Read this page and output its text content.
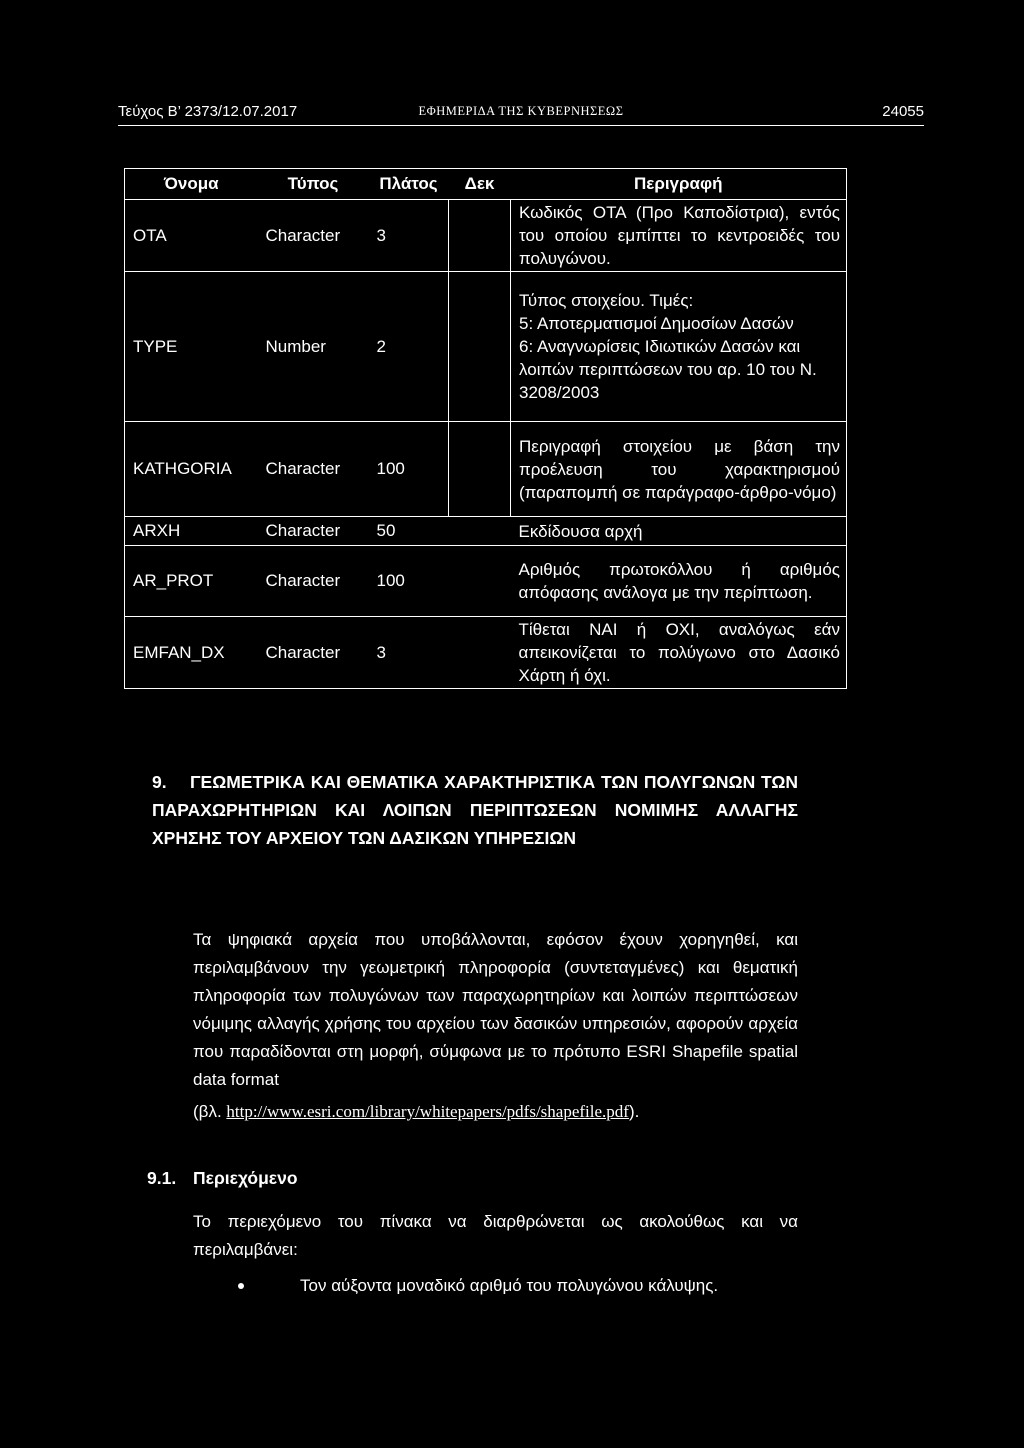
Τεύχος Β’ 2373/12.07.2017	ΕΦΗΜΕΡΙΔΑ ΤΗΣ ΚΥΒΕΡΝΗΣΕΩΣ	24055
Όνομα	Τύπος	Πλάτος	Δεκ	Περιγραφή
OTA	Character	3		Κωδικός ΟΤΑ (Προ Καποδίστρια), εντός του οποίου εμπίπτει το κεντροειδές του πολυγώνου.
TYPE	Number	2		Τύπος στοιχείου. Τιμές:
5: Αποτερματισμοί Δημοσίων Δασών
6: Αναγνωρίσεις Ιδιωτικών Δασών και λοιπών περιπτώσεων του αρ. 10 του Ν. 3208/2003

KATHGORIA	Character	100		Περιγραφή στοιχείου με βάση την προέλευση του χαρακτηρισμού (παραπομπή σε παράγραφο-άρθρο-νόμο)
ARXH	Character	50		Εκδίδουσα αρχή
AR_PROT	Character	100		Αριθμός πρωτοκόλλου ή αριθμός απόφασης ανάλογα με την περίπτωση.
EMFAN_DX	Character	3		Τίθεται ΝΑΙ ή ΟΧΙ, αναλόγως εάν απεικονίζεται το πολύγωνο στο Δασικό Χάρτη ή όχι.
9. ΓΕΩΜΕΤΡΙΚΑ ΚΑΙ ΘΕΜΑΤΙΚΑ ΧΑΡΑΚΤΗΡΙΣΤΙΚΑ ΤΩΝ ΠΟΛΥΓΩΝΩΝ ΤΩΝ ΠΑΡΑΧΩΡΗΤΗΡΙΩΝ ΚΑΙ ΛΟΙΠΩΝ ΠΕΡΙΠΤΩΣΕΩΝ ΝΟΜΙΜΗΣ ΑΛΛΑΓΗΣ ΧΡΗΣΗΣ ΤΟΥ ΑΡΧΕΙΟΥ ΤΩΝ ΔΑΣΙΚΩΝ ΥΠΗΡΕΣΙΩΝ
Τα ψηφιακά αρχεία που υποβάλλονται, εφόσον έχουν χορηγηθεί, και περιλαμβάνουν την γεωμετρική πληροφορία (συντεταγμένες) και θεματική πληροφορία των πολυγώνων των παραχωρητηρίων και λοιπών περιπτώσεων νόμιμης αλλαγής χρήσης του αρχείου των δασικών υπηρεσιών, αφορούν αρχεία που παραδίδονται στη μορφή, σύμφωνα με το πρότυπο ESRI Shapefile spatial data format
(βλ. http://www.esri.com/library/whitepapers/pdfs/shapefile.pdf).
9.1. Περιεχόμενο
Το περιεχόμενο του πίνακα να διαρθρώνεται ως ακολούθως και να περιλαμβάνει:
Τον αύξοντα μοναδικό αριθμό του πολυγώνου κάλυψης.
